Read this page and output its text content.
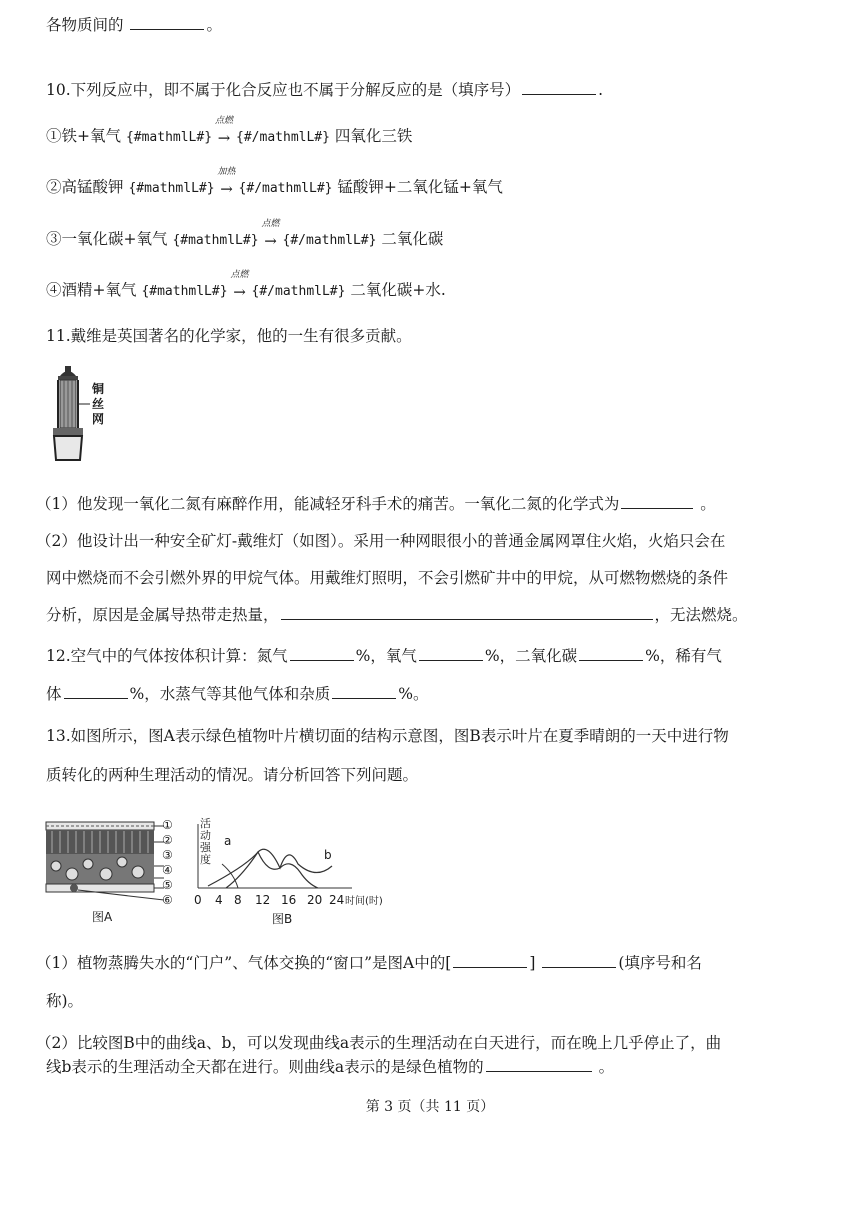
各物质间的	。
10.下列反应中，即不属于化合反应也不属于分解反应的是（填序号）	.
①铁+氧气 {#mathmlL#}
点燃
→ {#/mathmlL#} 四氧化三铁
②高锰酸钾 {#mathmlL#}
加热
→ {#/mathmlL#} 锰酸钾+二氧化锰+氧气
③一氧化碳+氧气 {#mathmlL#}
点燃
→ {#/mathmlL#} 二氧化碳
④酒精+氧气 {#mathmlL#}
点燃
→ {#/mathmlL#} 二氧化碳+水.
11.戴维是英国著名的化学家，他的一生有很多贡献。
铜
丝
网
（1）他发现一氧化二氮有麻醉作用，能减轻牙科手术的痛苦。一氧化二氮的化学式为	。
（2）他设计出一种安全矿灯-戴维灯（如图）。采用一种网眼很小的普通金属网罩住火焰，火焰只会在
网中燃烧而不会引燃外界的甲烷气体。用戴维灯照明，不会引燃矿井中的甲烷，从可燃物燃烧的条件
分析，原因是金属导热带走热量，	，无法燃烧。
12.空气中的气体按体积计算：氮气	%，氧气	%，二氧化碳	%，稀有气
体	%，水蒸气等其他气体和杂质	%。
13.如图所示，图A表示绿色植物叶片横切面的结构示意图，图B表示叶片在夏季晴朗的一天中进行物
质转化的两种生理活动的情况。请分析回答下列问题。
①
②
③
④
⑤
⑥
图A
活
动
强
度
a
b
0 4 8 12 16 20 24时间(时)
图B
（1）植物蒸腾失水的“门户”、气体交换的“窗口”是图A中的[	]	(填序号和名
称)。
（2）比较图B中的曲线a、b，可以发现曲线a表示的生理活动在白天进行，而在晚上几乎停止了，曲
线b表示的生理活动全天都在进行。则曲线a表示的是绿色植物的	。
第 3 页（共 11 页）
